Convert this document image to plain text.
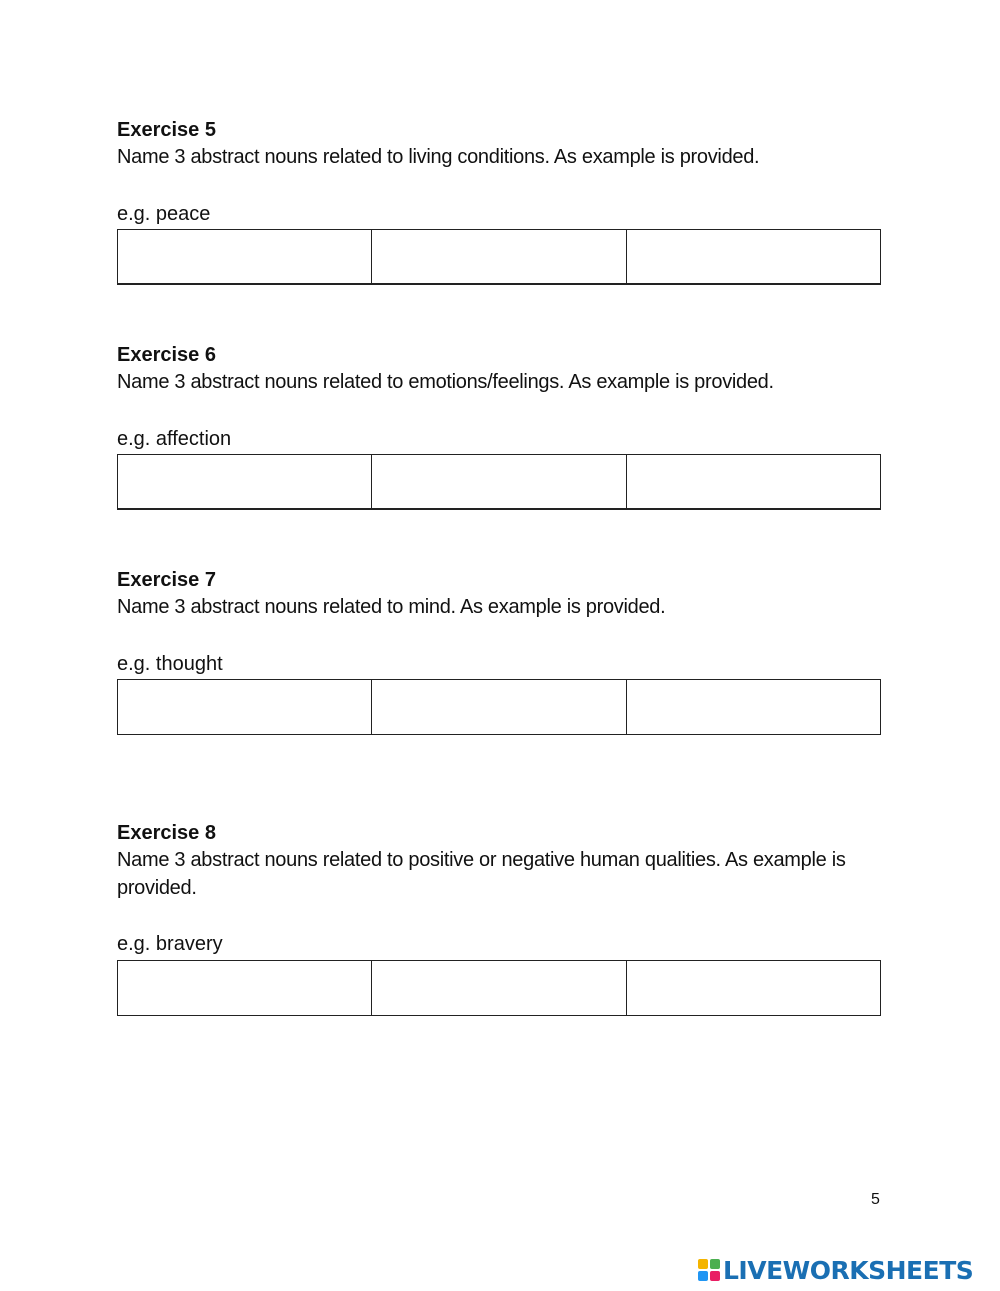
Exercise 5

Name 3 abstract nouns related to living conditions. As example is provided.

e.g. peace

Exercise 6

Name 3 abstract nouns related to emotions/feelings. As example is provided.

e.g. affection

Exercise 7

Name 3 abstract nouns related to mind. As example is provided.

e.g. thought

Exercise 8

Name 3 abstract nouns related to positive or negative human qualities. As example is provided.

e.g. bravery

5
LIVEWORKSHEETS
